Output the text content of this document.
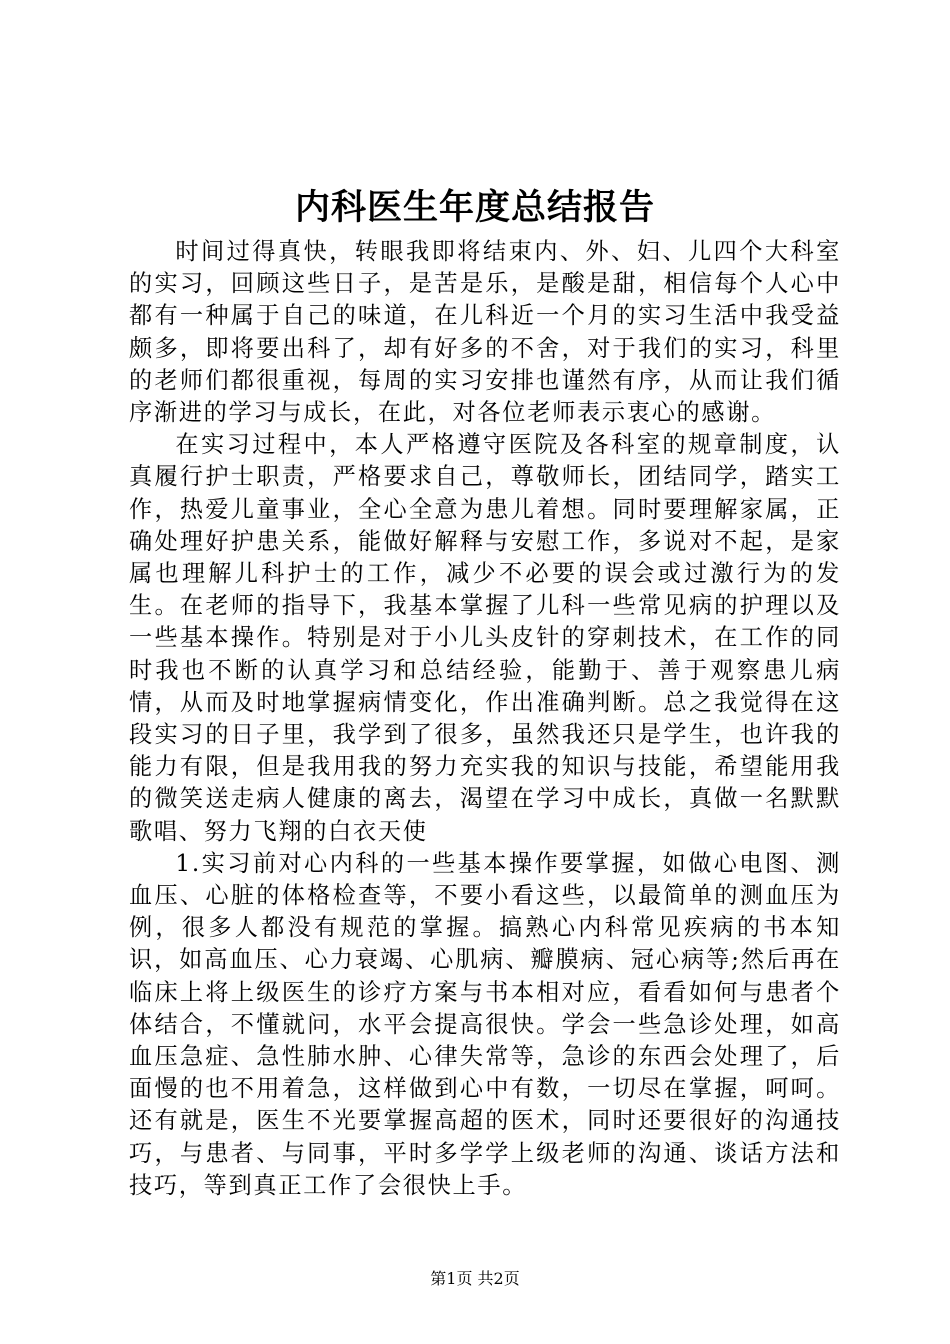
内科医生年度总结报告

时间过得真快，转眼我即将结束内、外、妇、儿四个大科室的实习，回顾这些日子，是苦是乐，是酸是甜，相信每个人心中都有一种属于自己的味道，在儿科近一个月的实习生活中我受益颇多，即将要出科了，却有好多的不舍，对于我们的实习，科里的老师们都很重视，每周的实习安排也谨然有序，从而让我们循序渐进的学习与成长，在此，对各位老师表示衷心的感谢。

在实习过程中，本人严格遵守医院及各科室的规章制度，认真履行护士职责，严格要求自己，尊敬师长，团结同学，踏实工作，热爱儿童事业，全心全意为患儿着想。同时要理解家属，正确处理好护患关系，能做好解释与安慰工作，多说对不起，是家属也理解儿科护士的工作，减少不必要的误会或过激行为的发生。在老师的指导下，我基本掌握了儿科一些常见病的护理以及一些基本操作。特别是对于小儿头皮针的穿刺技术，在工作的同时我也不断的认真学习和总结经验，能勤于、善于观察患儿病情，从而及时地掌握病情变化，作出准确判断。总之我觉得在这段实习的日子里，我学到了很多，虽然我还只是学生，也许我的能力有限，但是我用我的努力充实我的知识与技能，希望能用我的微笑送走病人健康的离去，渴望在学习中成长，真做一名默默歌唱、努力飞翔的白衣天使

1.实习前对心内科的一些基本操作要掌握，如做心电图、测血压、心脏的体格检查等，不要小看这些，以最简单的测血压为例，很多人都没有规范的掌握。搞熟心内科常见疾病的书本知识，如高血压、心力衰竭、心肌病、瓣膜病、冠心病等;然后再在临床上将上级医生的诊疗方案与书本相对应，看看如何与患者个体结合，不懂就问，水平会提高很快。学会一些急诊处理，如高血压急症、急性肺水肿、心律失常等，急诊的东西会处理了，后面慢的也不用着急，这样做到心中有数，一切尽在掌握，呵呵。还有就是，医生不光要掌握高超的医术，同时还要很好的沟通技巧，与患者、与同事，平时多学学上级老师的沟通、谈话方法和技巧，等到真正工作了会很快上手。

第1页 共2页
